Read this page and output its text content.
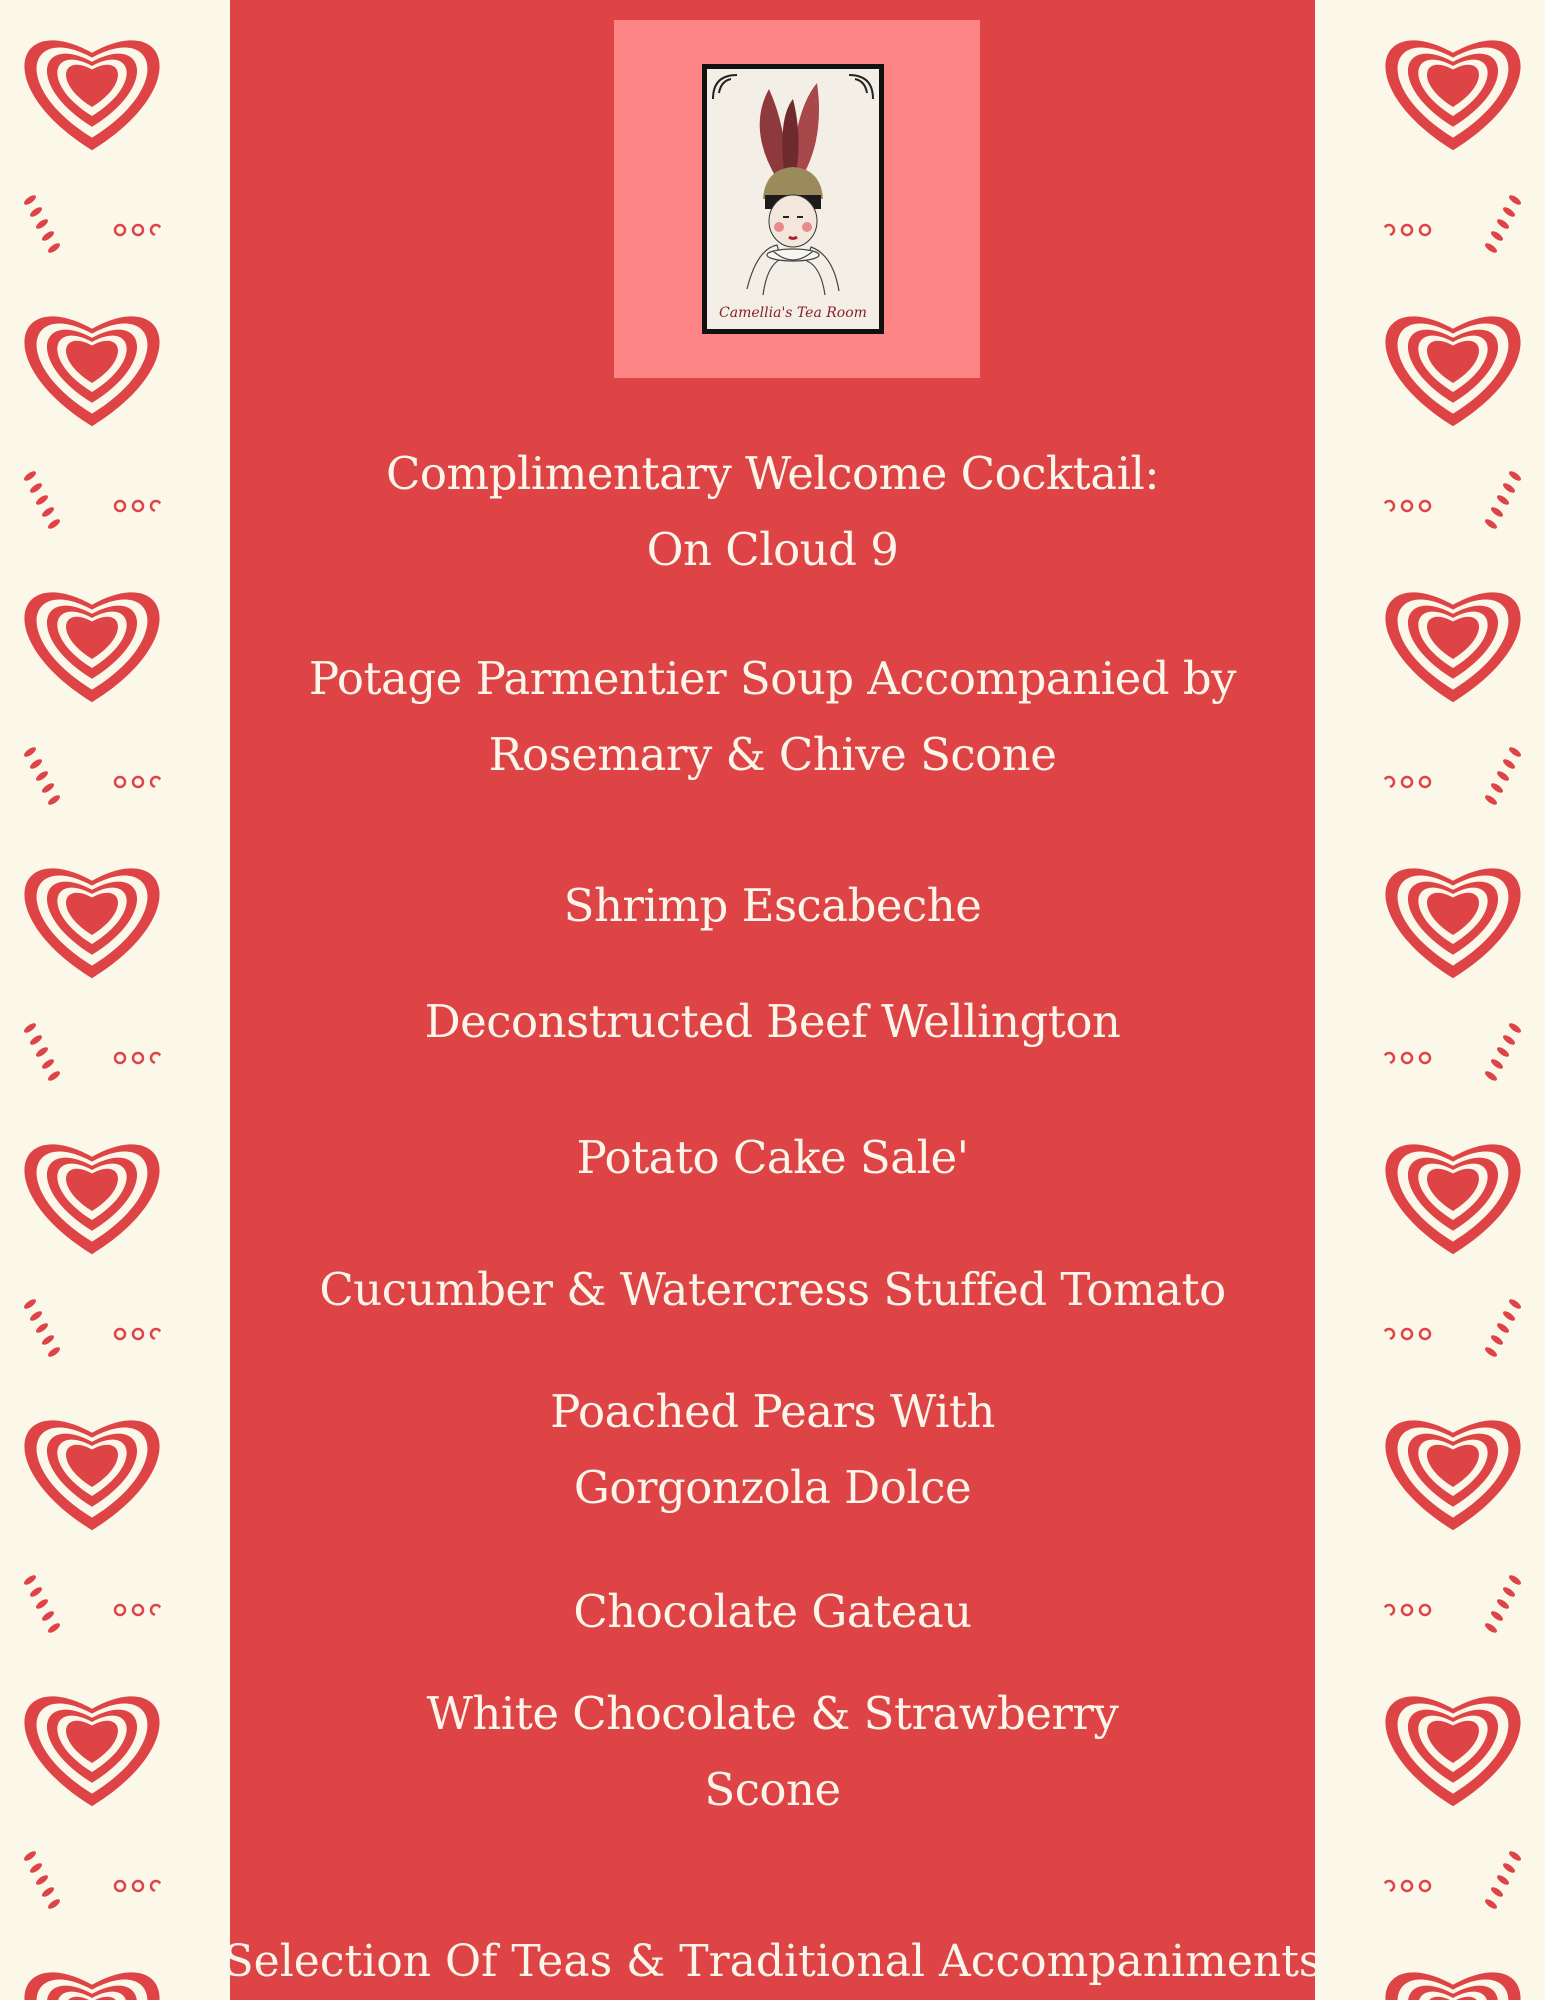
Camellia's Tea Room
Complimentary Welcome Cocktail:
On Cloud 9
Potage Parmentier Soup Accompanied by
Rosemary & Chive Scone
Shrimp Escabeche
Deconstructed Beef Wellington
Potato Cake Sale'
Cucumber & Watercress Stuffed Tomato
Poached Pears With
Gorgonzola Dolce
Chocolate Gateau
White Chocolate & Strawberry
Scone
Selection Of Teas & Traditional Accompaniments
